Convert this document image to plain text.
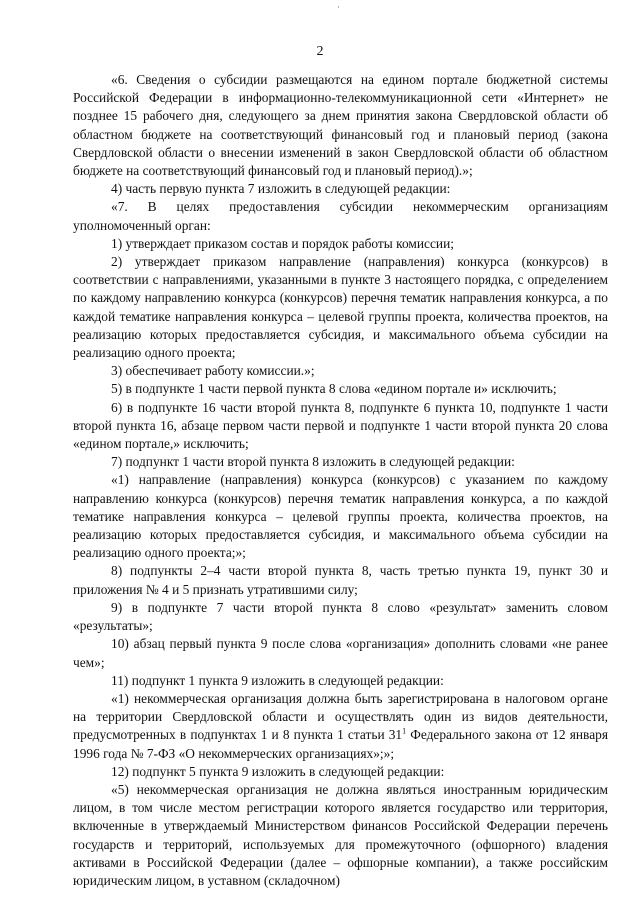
·
2

«6. Сведения о субсидии размещаются на едином портале бюджетной системы Российской Федерации в информационно-телекоммуникационной сети «Интернет» не позднее 15 рабочего дня, следующего за днем принятия закона Свердловской области об областном бюджете на соответствующий финансовый год и плановый период (закона Свердловской области о внесении изменений в закон Свердловской области об областном бюджете на соответствующий финансовый год и плановый период).»;

4) часть первую пункта 7 изложить в следующей редакции:

«7. В целях предоставления субсидии некоммерческим организациям уполномоченный орган:

1) утверждает приказом состав и порядок работы комиссии;

2) утверждает приказом направление (направления) конкурса (конкурсов) в соответствии с направлениями, указанными в пункте 3 настоящего порядка, с определением по каждому направлению конкурса (конкурсов) перечня тематик направления конкурса, а по каждой тематике направления конкурса – целевой группы проекта, количества проектов, на реализацию которых предоставляется субсидия, и максимального объема субсидии на реализацию одного проекта;

3) обеспечивает работу комиссии.»;

5) в подпункте 1 части первой пункта 8 слова «едином портале и» исключить;

6) в подпункте 16 части второй пункта 8, подпункте 6 пункта 10, подпункте 1 части второй пункта 16, абзаце первом части первой и подпункте 1 части второй пункта 20 слова «едином портале,» исключить;

7) подпункт 1 части второй пункта 8 изложить в следующей редакции:

«1) направление (направления) конкурса (конкурсов) с указанием по каждому направлению конкурса (конкурсов) перечня тематик направления конкурса, а по каждой тематике направления конкурса – целевой группы проекта, количества проектов, на реализацию которых предоставляется субсидия, и максимального объема субсидии на реализацию одного проекта;»;

8) подпункты 2–4 части второй пункта 8, часть третью пункта 19, пункт 30 и приложения № 4 и 5 признать утратившими силу;

9) в подпункте 7 части второй пункта 8 слово «результат» заменить словом «результаты»;

10) абзац первый пункта 9 после слова «организация» дополнить словами «не ранее чем»;

11) подпункт 1 пункта 9 изложить в следующей редакции:

«1) некоммерческая организация должна быть зарегистрирована в налоговом органе на территории Свердловской области и осуществлять один из видов деятельности, предусмотренных в подпунктах 1 и 8 пункта 1 статьи $31^1$ Федерального закона от 12 января 1996 года № 7-ФЗ «О некоммерческих организациях»;»;

12) подпункт 5 пункта 9 изложить в следующей редакции:

«5) некоммерческая организация не должна являться иностранным юридическим лицом, в том числе местом регистрации которого является государство или территория, включенные в утверждаемый Министерством финансов Российской Федерации перечень государств и территорий, используемых для промежуточного (офшорного) владения активами в Российской Федерации (далее – офшорные компании), а также российским юридическим лицом, в уставном (складочном)
